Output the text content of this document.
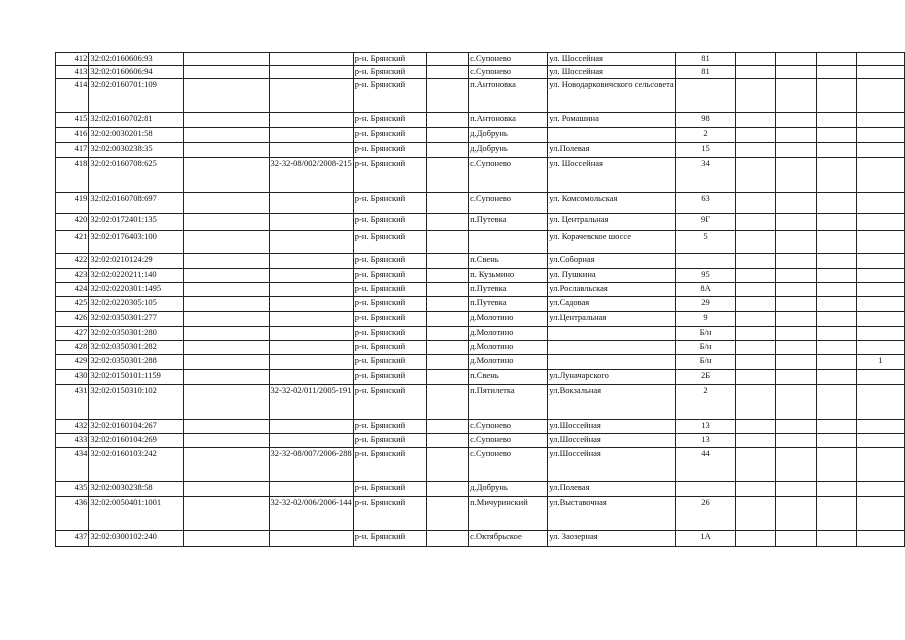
412	32:02:0160606:93			р-н. Брянский		с.Супонево	ул. Шоссейная	81				
413	32:02:0160606:94			р-н. Брянский		с.Супонево	ул. Шоссейная	81				
414	32:02:0160701:109			р-н. Брянский		п.Антоновка	ул. Новодарковичского сельсовета					
415	32:02:0160702:81			р-н. Брянский		п.Антоновка	ул. Ромашина	98				
416	32:02:0030201:58			р-н. Брянский		д.Добрунь		2				
417	32:02:0030238:35			р-н. Брянский		д.Добрунь	ул.Полевая	15				
418	32:02:0160708:625		32-32-08/002/2008-215	р-н. Брянский		с.Супонево	ул. Шоссейная	34				
419	32:02:0160708:697			р-н. Брянский		с.Супонево	ул. Комсомольская	63				
420	32:02:0172401:135			р-н. Брянский		п.Путевка	ул. Центральная	9Г				
421	32:02:0176403:100			р-н. Брянский			ул. Корачевское шоссе	5				
422	32:02:0210124:29			р-н. Брянский		п.Свень	ул.Соборная					
423	32:02:0220211:140			р-н. Брянский		п. Кузьмино	ул. Пушкина	95				
424	32:02:0220301:1495			р-н. Брянский		п.Путевка	ул.Рославльская	8А				
425	32:02:0220305:105			р-н. Брянский		п.Путевка	ул.Садовая	29				
426	32:02:0350301:277			р-н. Брянский		д.Молотино	ул.Центральная	9				
427	32:02:0350301:280			р-н. Брянский		д.Молотино		Б/н				
428	32:02:0350301:282			р-н. Брянский		д.Молотино		Б/н				
429	32:02:0350301:288			р-н. Брянский		д.Молотино		Б/н				1
430	32:02:0150101:1159			р-н. Брянский		п.Свень	ул.Луначарского	2Б				
431	32:02:0150310:102		32-32-02/011/2005-191	р-н. Брянский		п.Пятилетка	ул.Вокзальная	2				
432	32:02:0160104:267			р-н. Брянский		с.Супонево	ул.Шоссейная	13				
433	32:02:0160104:269			р-н. Брянский		с.Супонево	ул.Шоссейная	13				
434	32:02:0160103:242		32-32-08/007/2006-288	р-н. Брянский		с.Супонево	ул.Шоссейная	44				
435	32:02:0030238:58			р-н. Брянский		д.Добрунь	ул.Полевая					
436	32:02:0050401:1001		32-32-02/006/2006-144	р-н. Брянский		п.Мичуринский	ул.Выставочная	26				
437	32:02:0300102:240			р-н. Брянский		с.Октябрьское	ул. Заозерная	1А				
